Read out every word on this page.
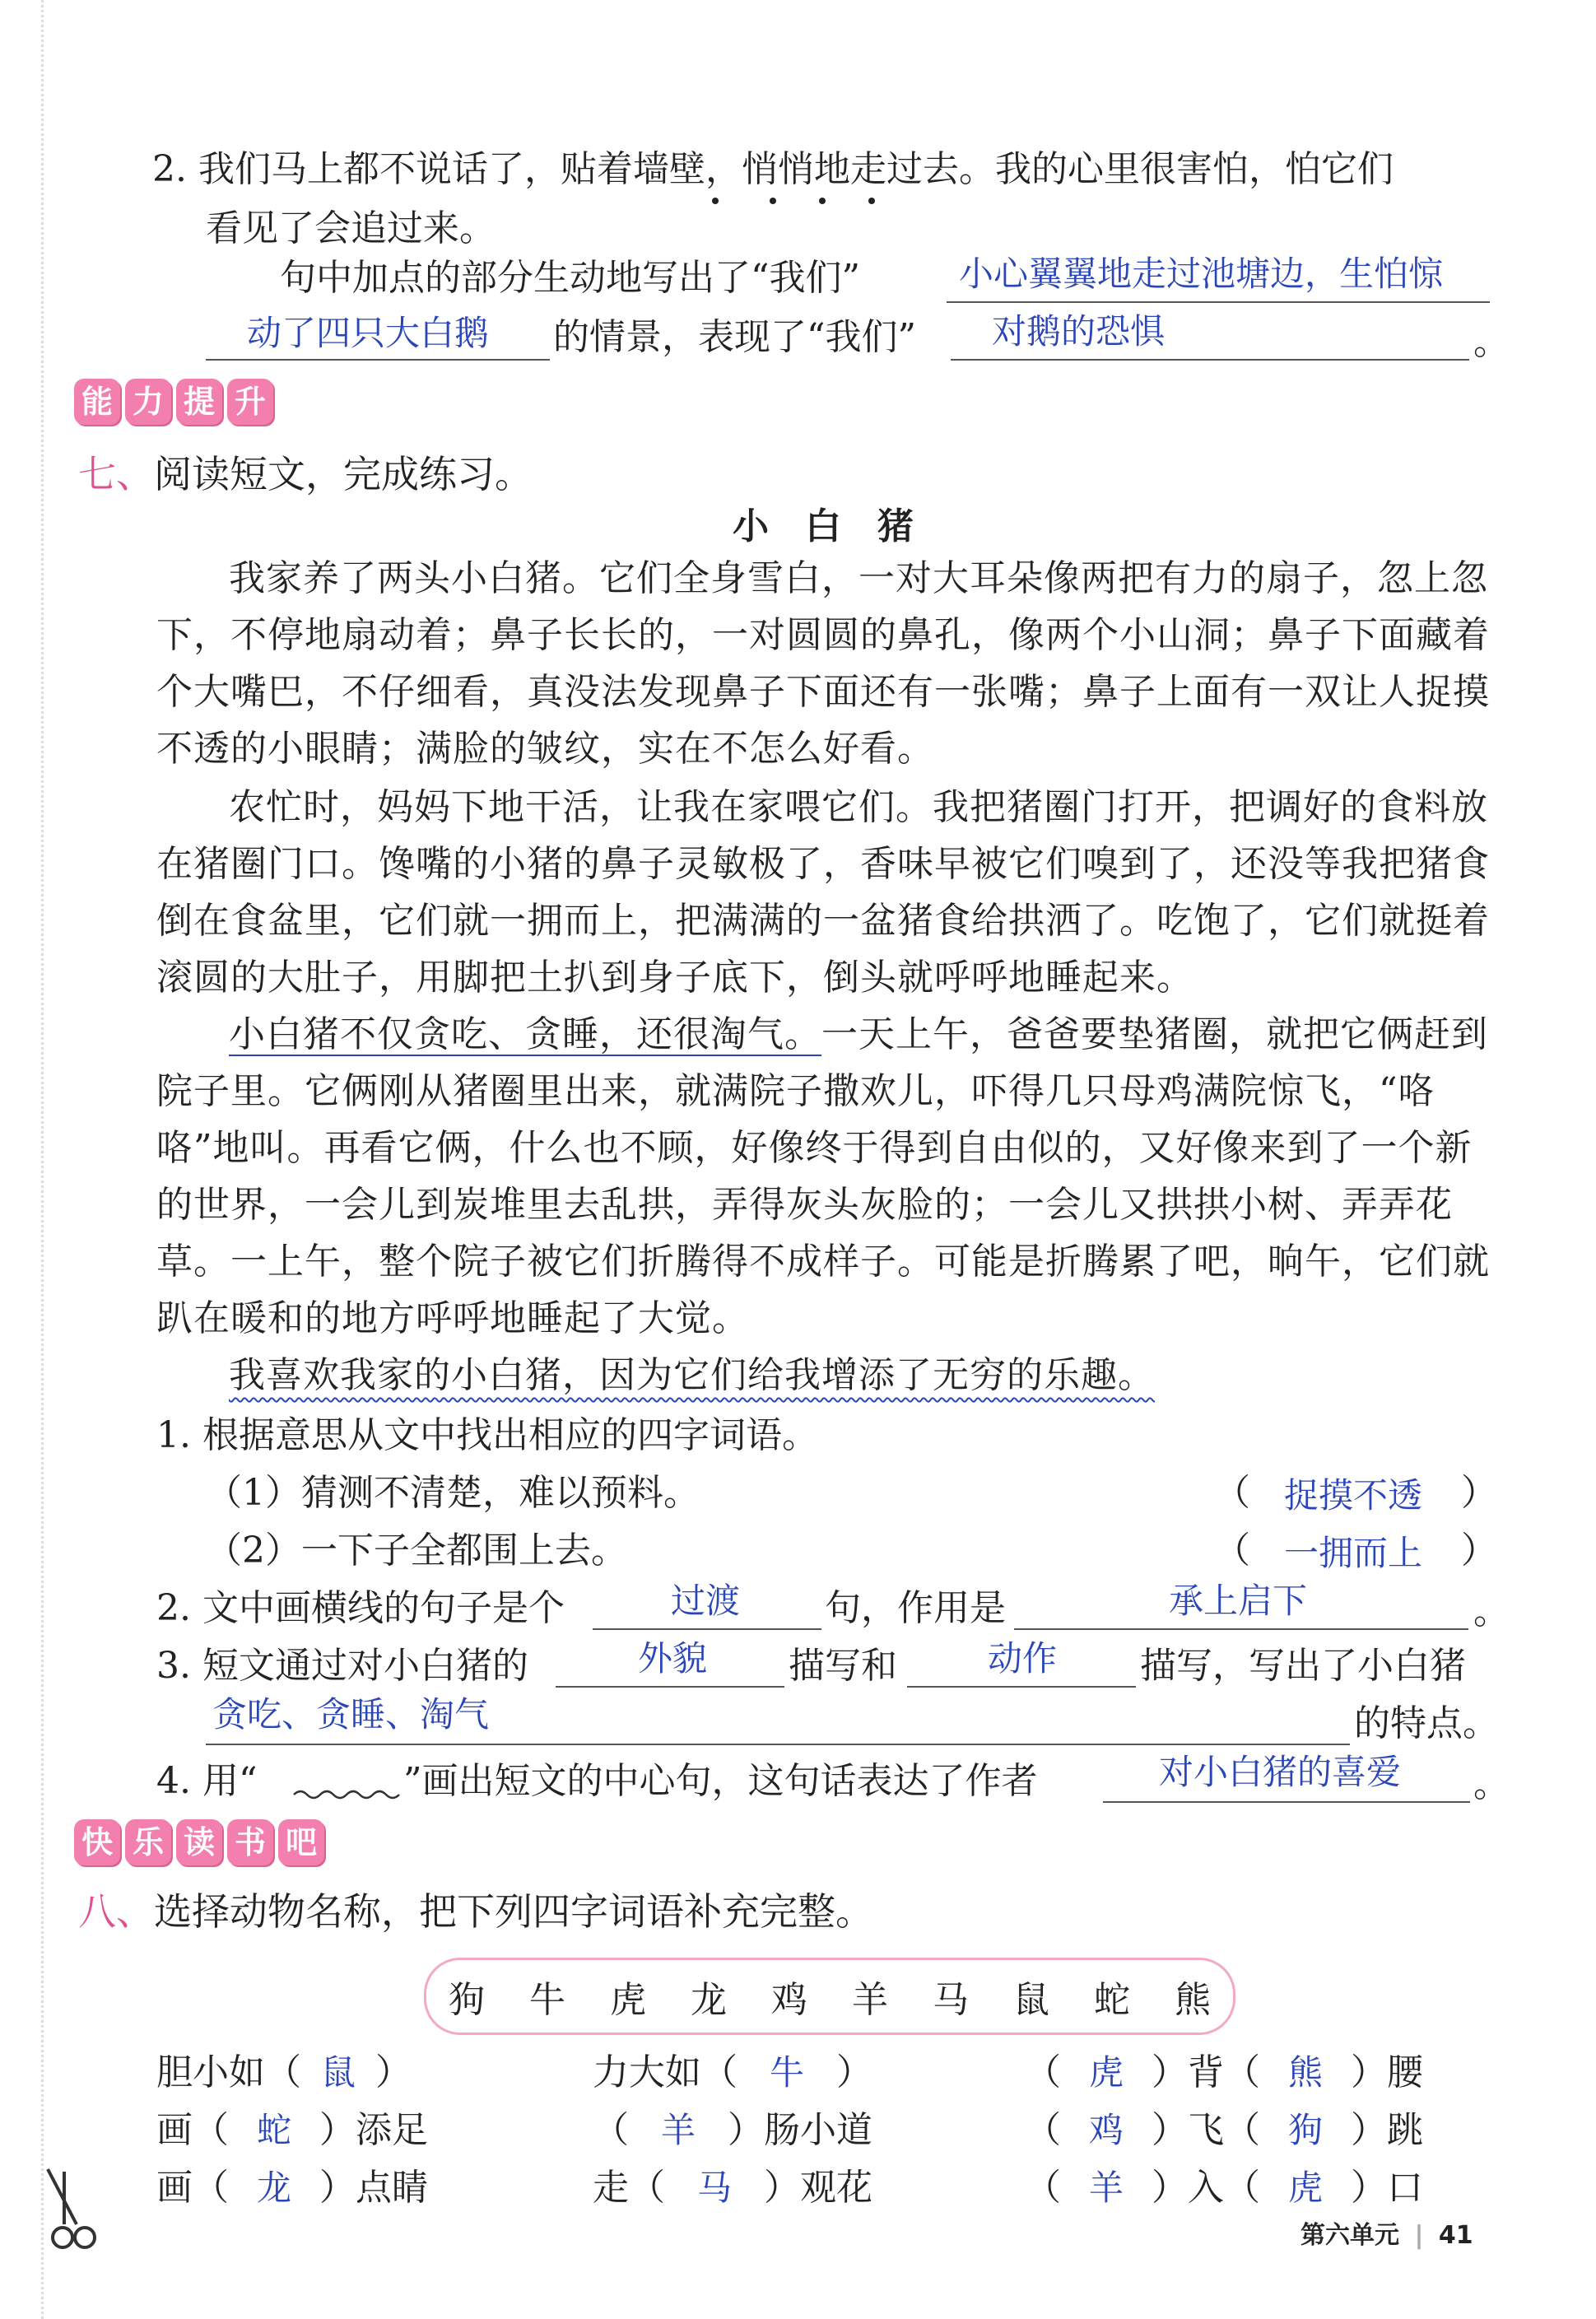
2. 我们马上都不说话了，贴着墙壁，悄悄地走过去。我的心里很害怕，怕它们
看见了会追过来。
句中加点的部分生动地写出了“我们”	小心翼翼地走过池塘边，生怕惊
动了四只大白鹅 的情景，表现了“我们” 对鹅的恐惧	。
能 力 提 升
七、阅读短文，完成练习。
小　白　猪
我家养了两头小白猪。它们全身雪白，一对大耳朵像两把有力的扇子，忽上忽下，不停地扇动着；鼻子长长的，一对圆圆的鼻孔，像两个小山洞；鼻子下面藏着个大嘴巴，不仔细看，真没法发现鼻子下面还有一张嘴；鼻子上面有一双让人捉摸不透的小眼睛；满脸的皱纹，实在不怎么好看。
农忙时，妈妈下地干活，让我在家喂它们。我把猪圈门打开，把调好的食料放在猪圈门口。馋嘴的小猪的鼻子灵敏极了，香味早被它们嗅到了，还没等我把猪食倒在食盆里，它们就一拥而上，把满满的一盆猪食给拱洒了。吃饱了，它们就挺着滚圆的大肚子，用脚把土扒到身子底下，倒头就呼呼地睡起来。
小白猪不仅贪吃、贪睡，还很淘气。一天上午，爸爸要垫猪圈，就把它俩赶到院子里。它俩刚从猪圈里出来，就满院子撒欢儿，吓得几只母鸡满院惊飞，“咯咯”地叫。再看它俩，什么也不顾，好像终于得到自由似的，又好像来到了一个新的世界，一会儿到炭堆里去乱拱，弄得灰头灰脸的；一会儿又拱拱小树、弄弄花草。一上午，整个院子被它们折腾得不成样子。可能是折腾累了吧，晌午，它们就趴在暖和的地方呼呼地睡起了大觉。
我喜欢我家的小白猪，因为它们给我增添了无穷的乐趣。
1. 根据意思从文中找出相应的四字词语。
（1）猜测不清楚，难以预料。	（ 捉摸不透 ）
（2）一下子全都围上去。	（ 一拥而上 ）
2. 文中画横线的句子是个	过渡 句，作用是	承上启下	。
3. 短文通过对小白猪的	外貌 描写和	动作 描写，写出了小白猪
贪吃、贪睡、淘气	的特点。
4. 用“	”画出短文的中心句，这句话表达了作者	对小白猪的喜爱 。
快 乐 读 书 吧
八、选择动物名称，把下列四字词语补充完整。
狗 牛 虎 龙 鸡 羊 马 鼠 蛇 熊
胆小如（ 鼠 ）	力大如（ 牛 ）	（ 虎 ）背（ 熊 ）腰
画（ 蛇 ）添足	（ 羊 ）肠小道	（ 鸡 ）飞（ 狗 ）跳
画（ 龙 ）点睛	走（ 马 ）观花	（ 羊 ）入（ 虎 ）口
第六单元 | 41
